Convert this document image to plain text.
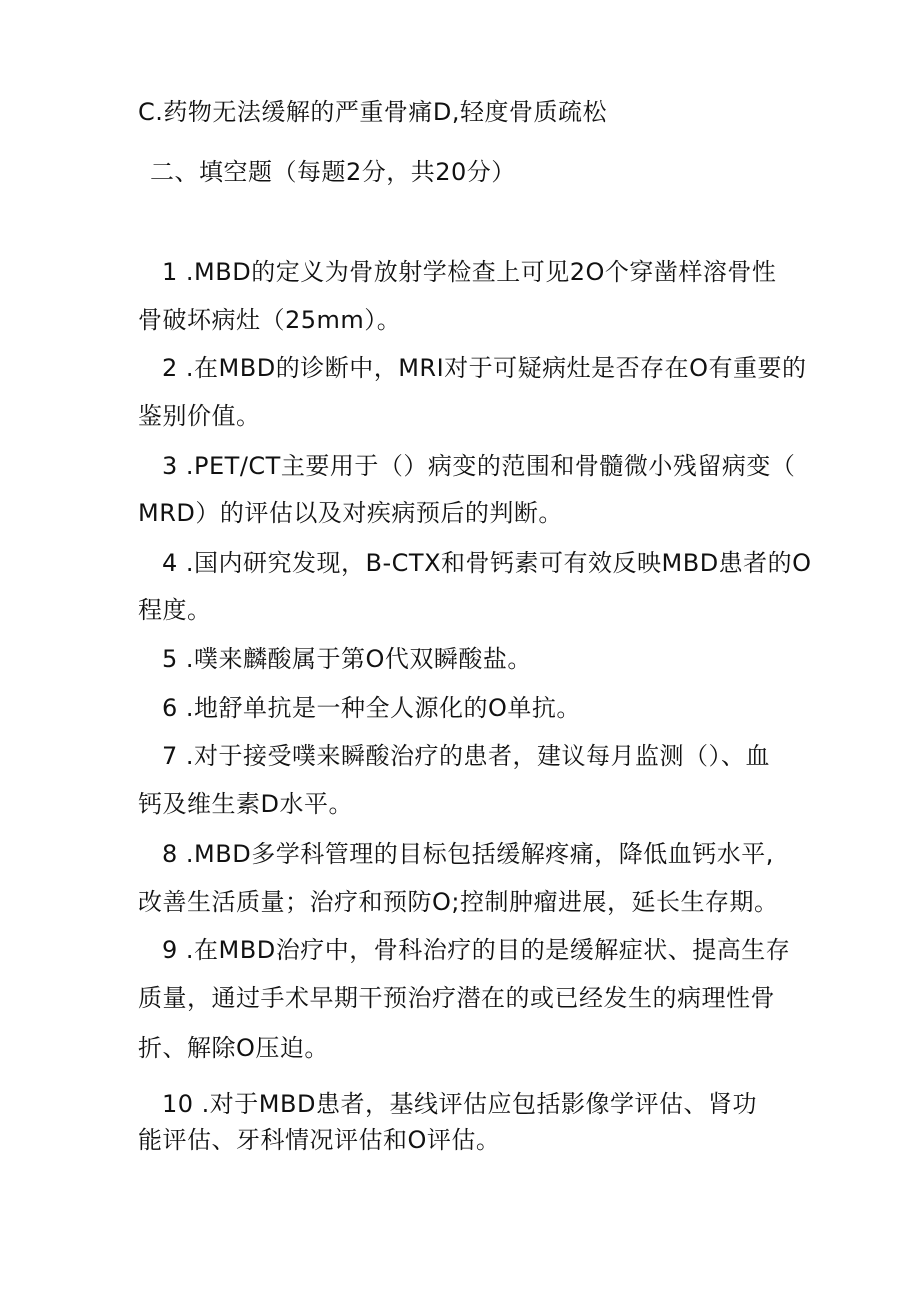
C.药物无法缓解的严重骨痛D,轻度骨质疏松
二、填空题（每题2分，共20分）
1 .MBD的定义为骨放射学检查上可见2O个穿凿样溶骨性
骨破坏病灶（25mm）。
2 .在MBD的诊断中，MRI对于可疑病灶是否存在O有重要的
鉴别价值。
3 .PET/CT主要用于（）病变的范围和骨髓微小残留病变（
MRD）的评估以及对疾病预后的判断。
4 .国内研究发现，B-CTX和骨钙素可有效反映MBD患者的O
程度。
5 .噗来麟酸属于第O代双瞬酸盐。
6 .地舒单抗是一种全人源化的O单抗。
7 .对于接受噗来瞬酸治疗的患者，建议每月监测（）、血
钙及维生素D水平。
8 .MBD多学科管理的目标包括缓解疼痛，降低血钙水平,
改善生活质量；治疗和预防O;控制肿瘤进展，延长生存期。
9 .在MBD治疗中，骨科治疗的目的是缓解症状、提高生存
质量，通过手术早期干预治疗潜在的或已经发生的病理性骨
折、解除O压迫。
10 .对于MBD患者，基线评估应包括影像学评估、肾功
能评估、牙科情况评估和O评估。
